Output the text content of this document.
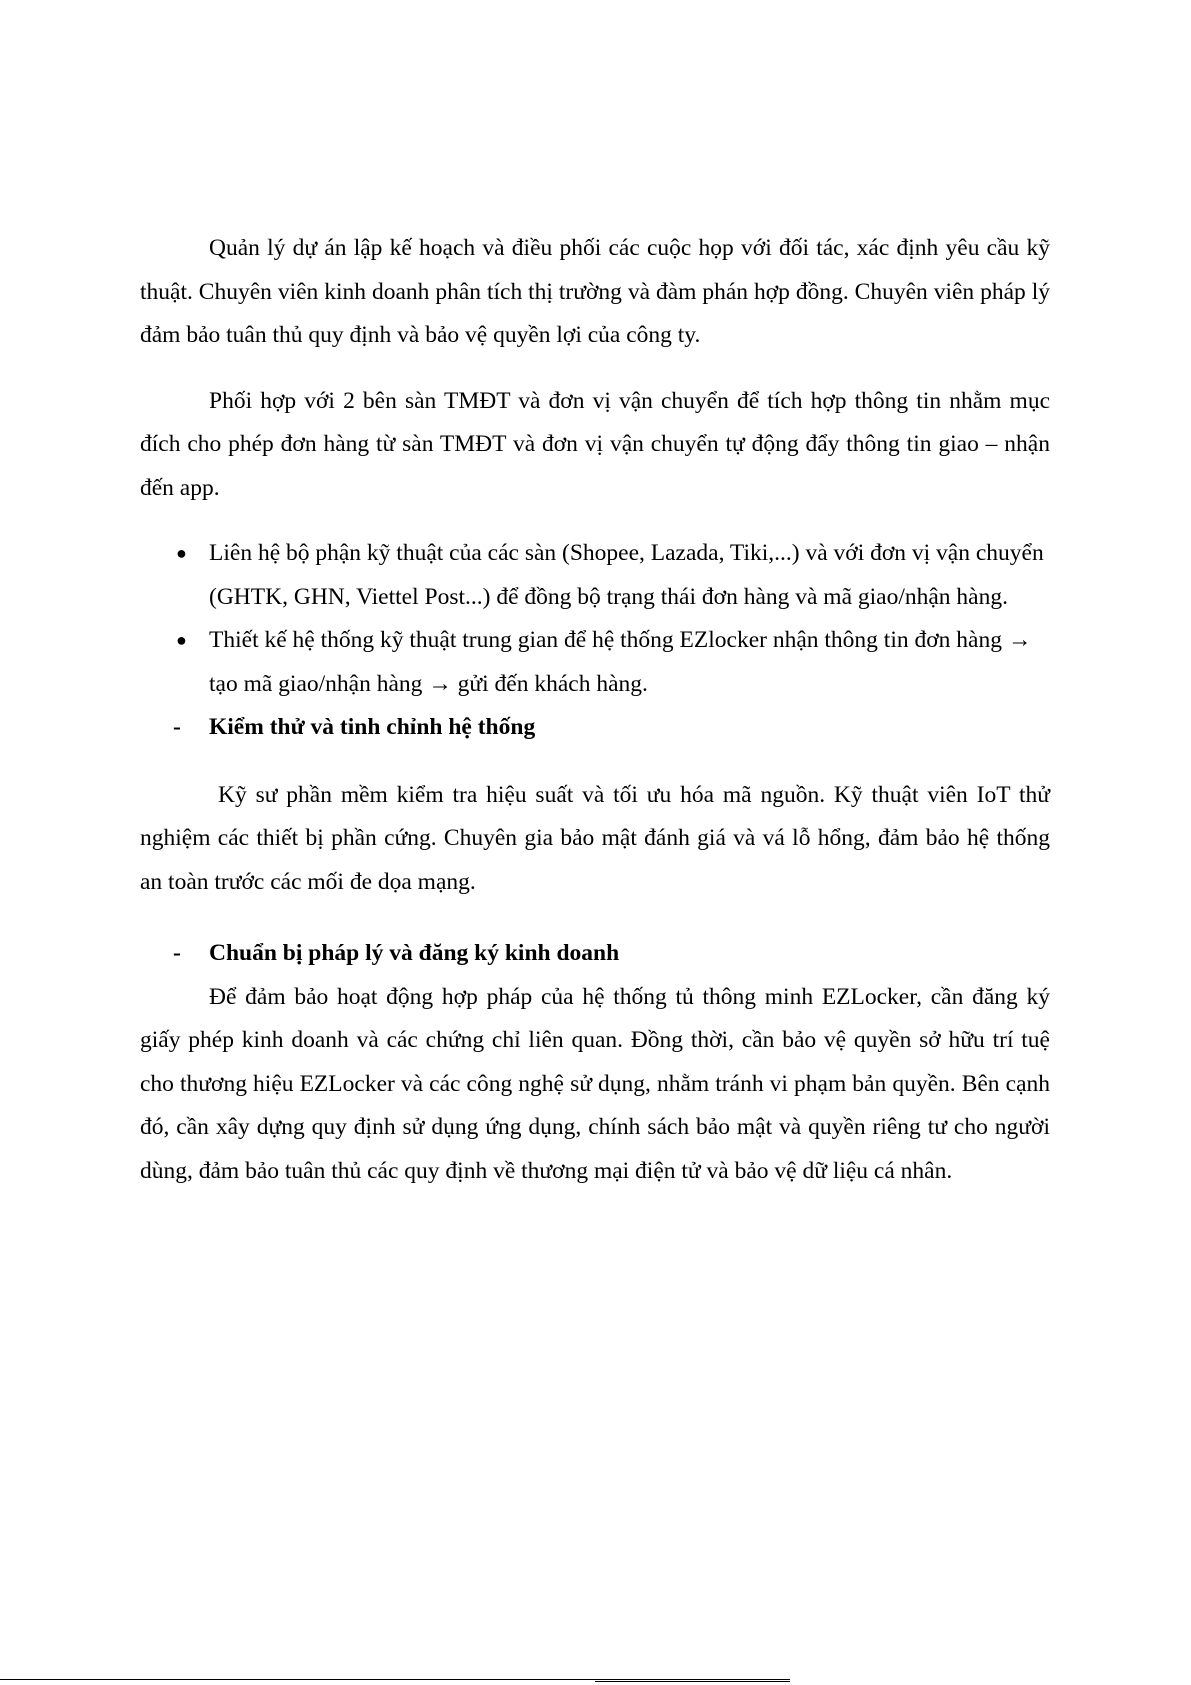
Quản lý dự án lập kế hoạch và điều phối các cuộc họp với đối tác, xác định yêu cầu kỹ thuật. Chuyên viên kinh doanh phân tích thị trường và đàm phán hợp đồng. Chuyên viên pháp lý đảm bảo tuân thủ quy định và bảo vệ quyền lợi của công ty.

Phối hợp với 2 bên sàn TMĐT và đơn vị vận chuyển để tích hợp thông tin nhằm mục đích cho phép đơn hàng từ sàn TMĐT và đơn vị vận chuyển tự động đẩy thông tin giao – nhận đến app.

● Liên hệ bộ phận kỹ thuật của các sàn (Shopee, Lazada, Tiki,...) và với đơn vị vận chuyển (GHTK, GHN, Viettel Post...) để đồng bộ trạng thái đơn hàng và mã giao/nhận hàng.
● Thiết kế hệ thống kỹ thuật trung gian để hệ thống EZlocker nhận thông tin đơn hàng → tạo mã giao/nhận hàng → gửi đến khách hàng.

- Kiểm thử và tinh chỉnh hệ thống

Kỹ sư phần mềm kiểm tra hiệu suất và tối ưu hóa mã nguồn. Kỹ thuật viên IoT thử nghiệm các thiết bị phần cứng. Chuyên gia bảo mật đánh giá và vá lỗ hổng, đảm bảo hệ thống an toàn trước các mối đe dọa mạng.

- Chuẩn bị pháp lý và đăng ký kinh doanh

Để đảm bảo hoạt động hợp pháp của hệ thống tủ thông minh EZLocker, cần đăng ký giấy phép kinh doanh và các chứng chỉ liên quan. Đồng thời, cần bảo vệ quyền sở hữu trí tuệ cho thương hiệu EZLocker và các công nghệ sử dụng, nhằm tránh vi phạm bản quyền. Bên cạnh đó, cần xây dựng quy định sử dụng ứng dụng, chính sách bảo mật và quyền riêng tư cho người dùng, đảm bảo tuân thủ các quy định về thương mại điện tử và bảo vệ dữ liệu cá nhân.
